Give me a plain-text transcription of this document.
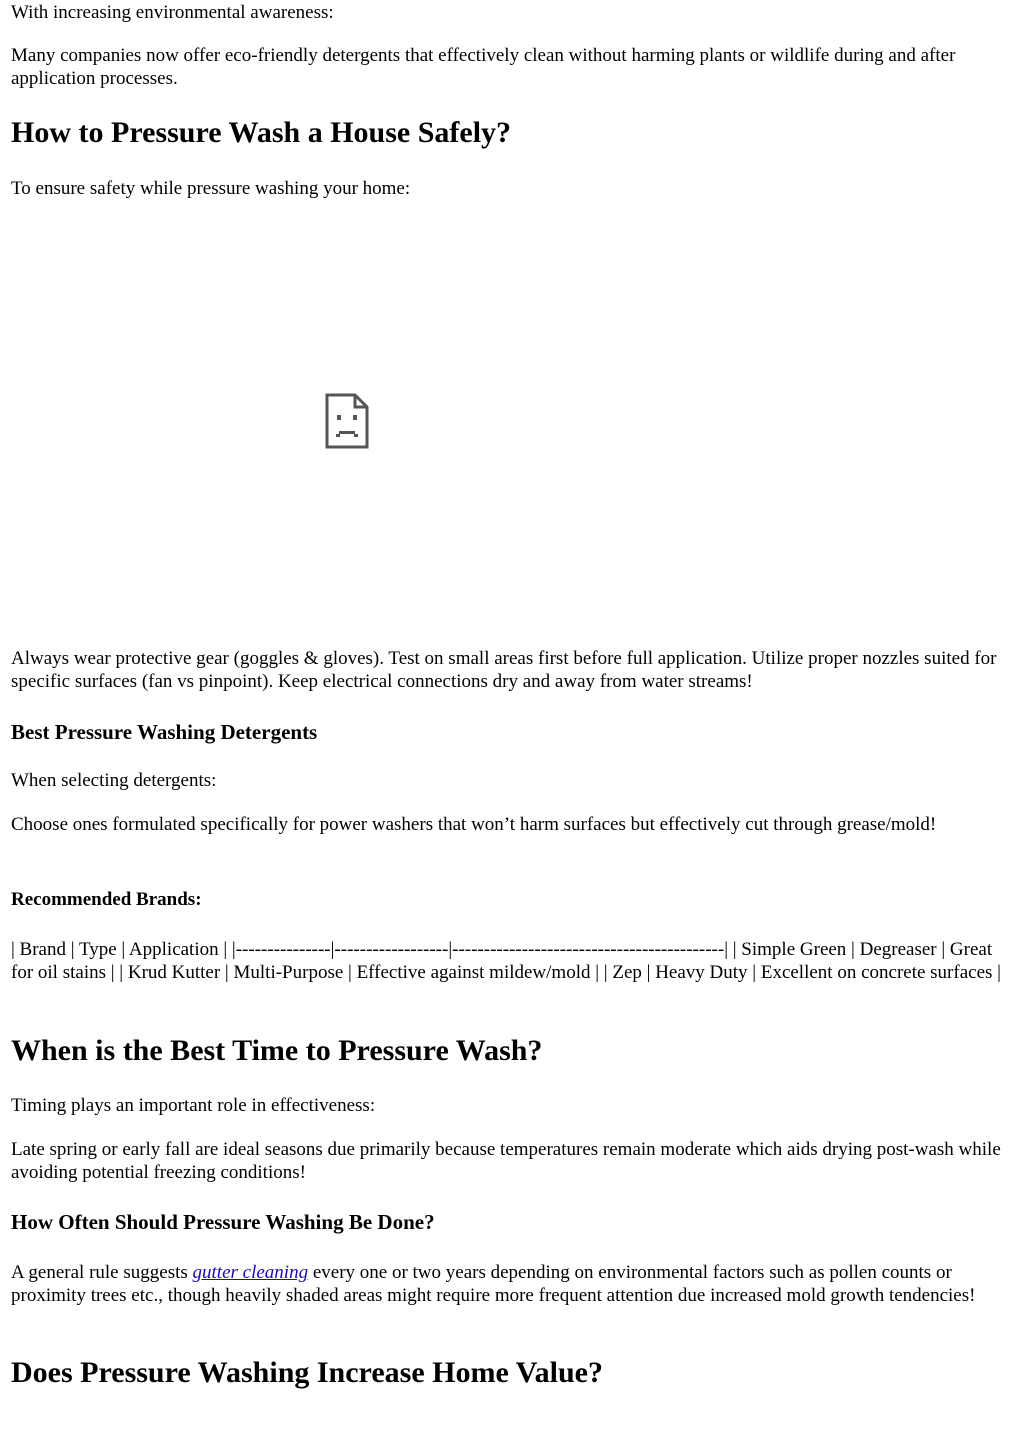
With increasing environmental awareness:

Many companies now offer eco-friendly detergents that effectively clean without harming plants or wildlife during and after application processes.

How to Pressure Wash a House Safely?

To ensure safety while pressure washing your home:

Always wear protective gear (goggles & gloves). Test on small areas first before full application. Utilize proper nozzles suited for specific surfaces (fan vs pinpoint). Keep electrical connections dry and away from water streams!

Best Pressure Washing Detergents

When selecting detergents:

Choose ones formulated specifically for power washers that won’t harm surfaces but effectively cut through grease/mold!

Recommended Brands:

| Brand | Type | Application | |---------------|------------------|-------------------------------------------| | Simple Green | Degreaser | Great for oil stains | | Krud Kutter | Multi-Purpose | Effective against mildew/mold | | Zep | Heavy Duty | Excellent on concrete surfaces |

When is the Best Time to Pressure Wash?

Timing plays an important role in effectiveness:

Late spring or early fall are ideal seasons due primarily because temperatures remain moderate which aids drying post-wash while avoiding potential freezing conditions!

How Often Should Pressure Washing Be Done?

A general rule suggests gutter cleaning every one or two years depending on environmental factors such as pollen counts or proximity trees etc., though heavily shaded areas might require more frequent attention due increased mold growth tendencies!

Does Pressure Washing Increase Home Value?
